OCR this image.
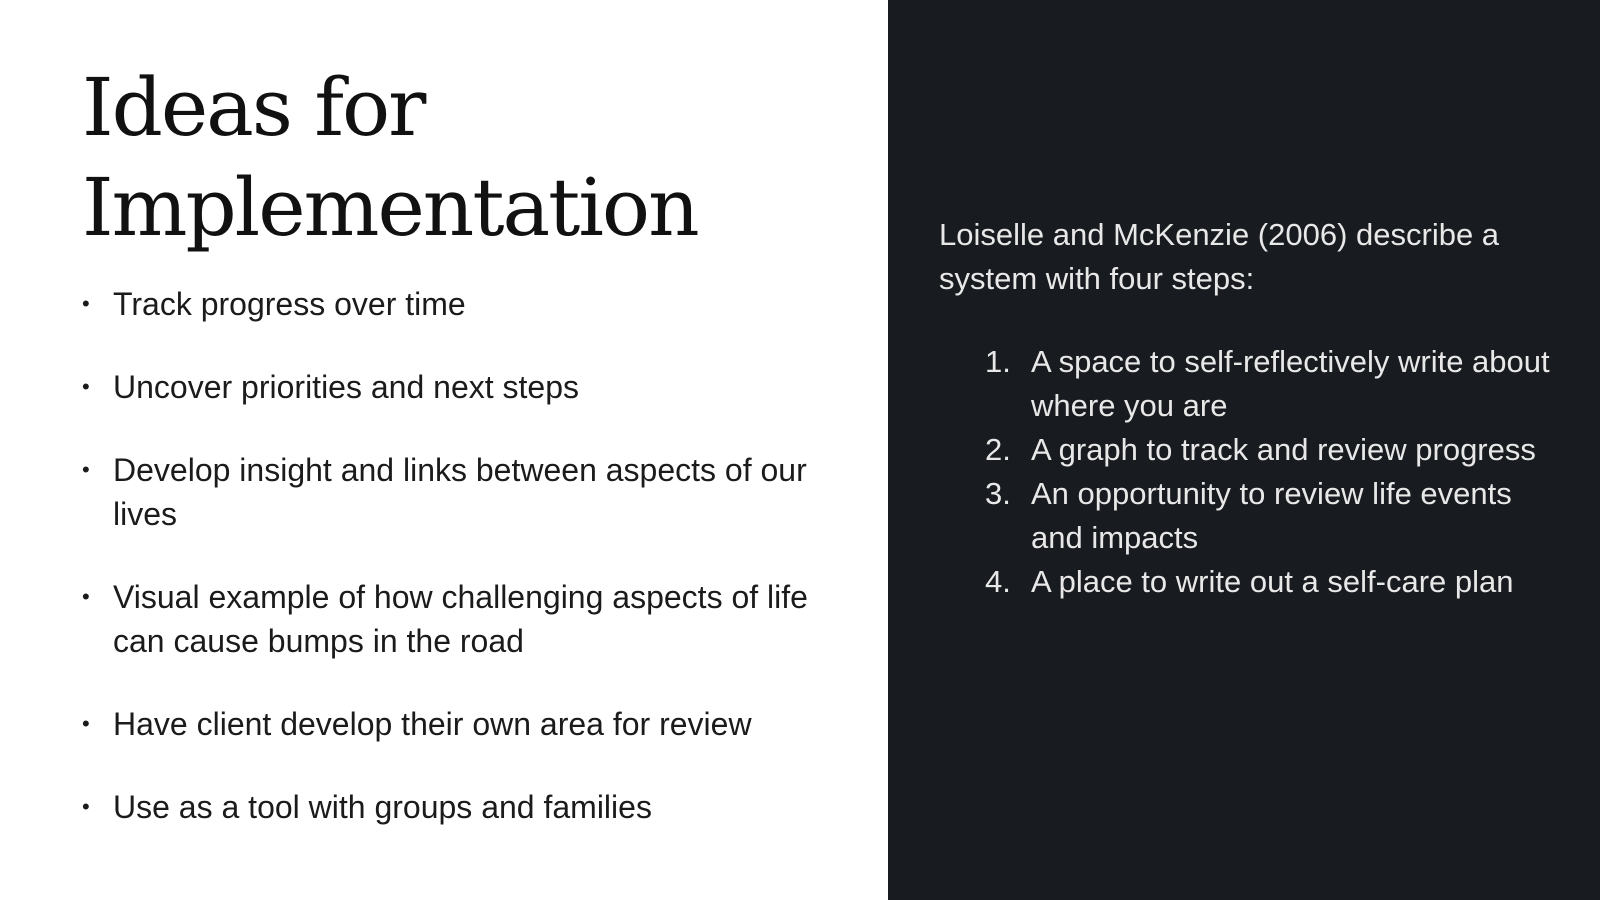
Ideas for
Implementation
• Track progress over time
• Uncover priorities and next steps
• Develop insight and links between aspects of our lives
• Visual example of how challenging aspects of life can cause bumps in the road
• Have client develop their own area for review
• Use as a tool with groups and families

Loiselle and McKenzie (2006) describe a system with four steps:

1. A space to self-reflectively write about where you are
2. A graph to track and review progress
3. An opportunity to review life events and impacts
4. A place to write out a self-care plan
